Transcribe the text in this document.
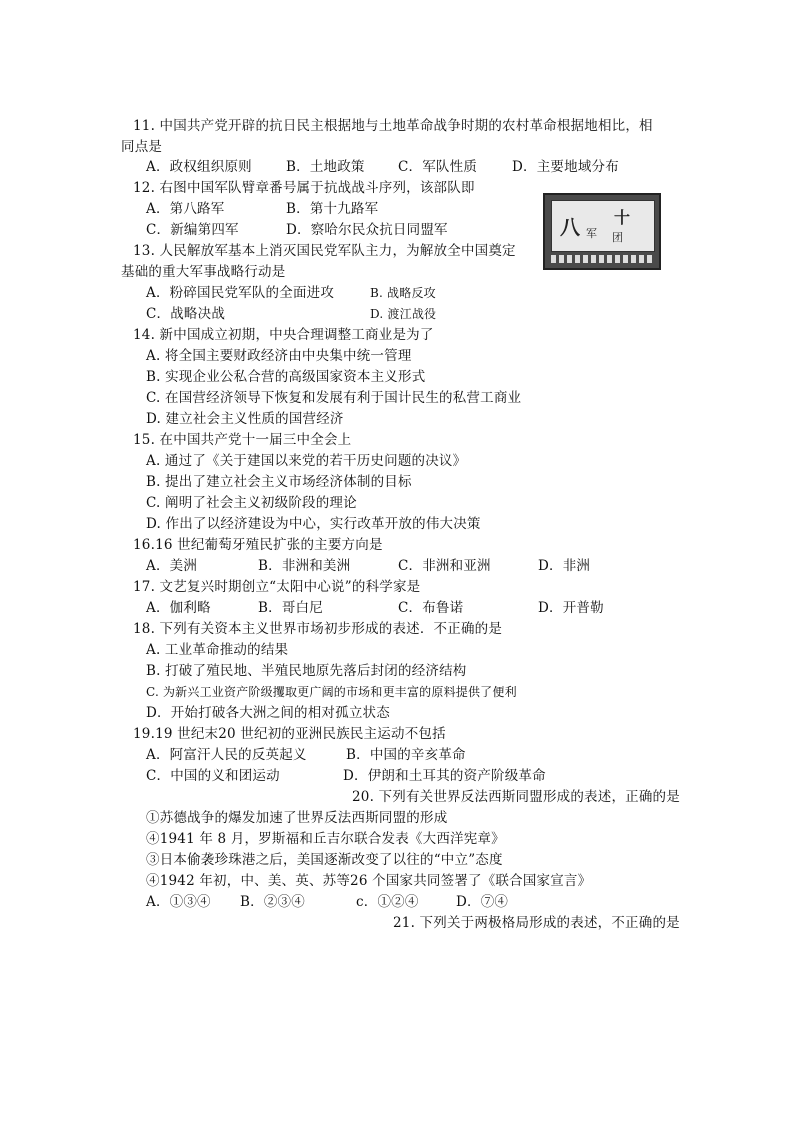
11. 中国共产党开辟的抗日民主根据地与土地革命战争时期的农村革命根据地相比，相
同点是
A．政权组织原则	B．土地政策 C．军队性质	D．主要地域分布
12. 右图中国军队臂章番号属于抗战战斗序列，该部队即
A．第八路军	B．第十九路军
C．新编第四军	D．察哈尔民众抗日同盟军	八 十
军 团
13. 人民解放军基本上消灭国民党军队主力，为解放全中国奠定
基础的重大军事战略行动是
A．粉碎国民党军队的全面进攻	B. 战略反攻
C．战略决战	D. 渡江战役
14. 新中国成立初期，中央合理调整工商业是为了
A. 将全国主要财政经济由中央集中统一管理
B. 实现企业公私合营的高级国家资本主义形式
C. 在国营经济领导下恢复和发展有利于国计民生的私营工商业
D. 建立社会主义性质的国营经济
15. 在中国共产党十一届三中全会上
A. 通过了《关于建国以来党的若干历史问题的决议》
B. 提出了建立社会主义市场经济体制的目标
C. 阐明了社会主义初级阶段的理论
D. 作出了以经济建设为中心，实行改革开放的伟大决策
16.16 世纪葡萄牙殖民扩张的主要方向是
A．美洲	B．非洲和美洲	C．非洲和亚洲	D．非洲
17. 文艺复兴时期创立“太阳中心说”的科学家是
A．伽利略	B．哥白尼	C．布鲁诺	D．开普勒
18. 下列有关资本主义世界市场初步形成的表述．不正确的是
A. 工业革命推动的结果
B. 打破了殖民地、半殖民地原先落后封闭的经济结构
C. 为新兴工业资产阶级攫取更广阔的市场和更丰富的原料提供了便利
D．开始打破各大洲之间的相对孤立状态
19.19 世纪末20 世纪初的亚洲民族民主运动不包括
A．阿富汗人民的反英起义	B．中国的辛亥革命
C．中国的义和团运动	D．伊朗和土耳其的资产阶级革命
20. 下列有关世界反法西斯同盟形成的表述，正确的是
①苏德战争的爆发加速了世界反法西斯同盟的形成
④1941 年 8 月，罗斯福和丘吉尔联合发表《大西洋宪章》
③日本偷袭珍珠港之后，美国逐渐改变了以往的“中立”态度
④1942 年初，中、美、英、苏等26 个国家共同签署了《联合国家宣言》
A．①③④ B．②③④	c．①②④	D．⑦④
21. 下列关于两极格局形成的表述，不正确的是
